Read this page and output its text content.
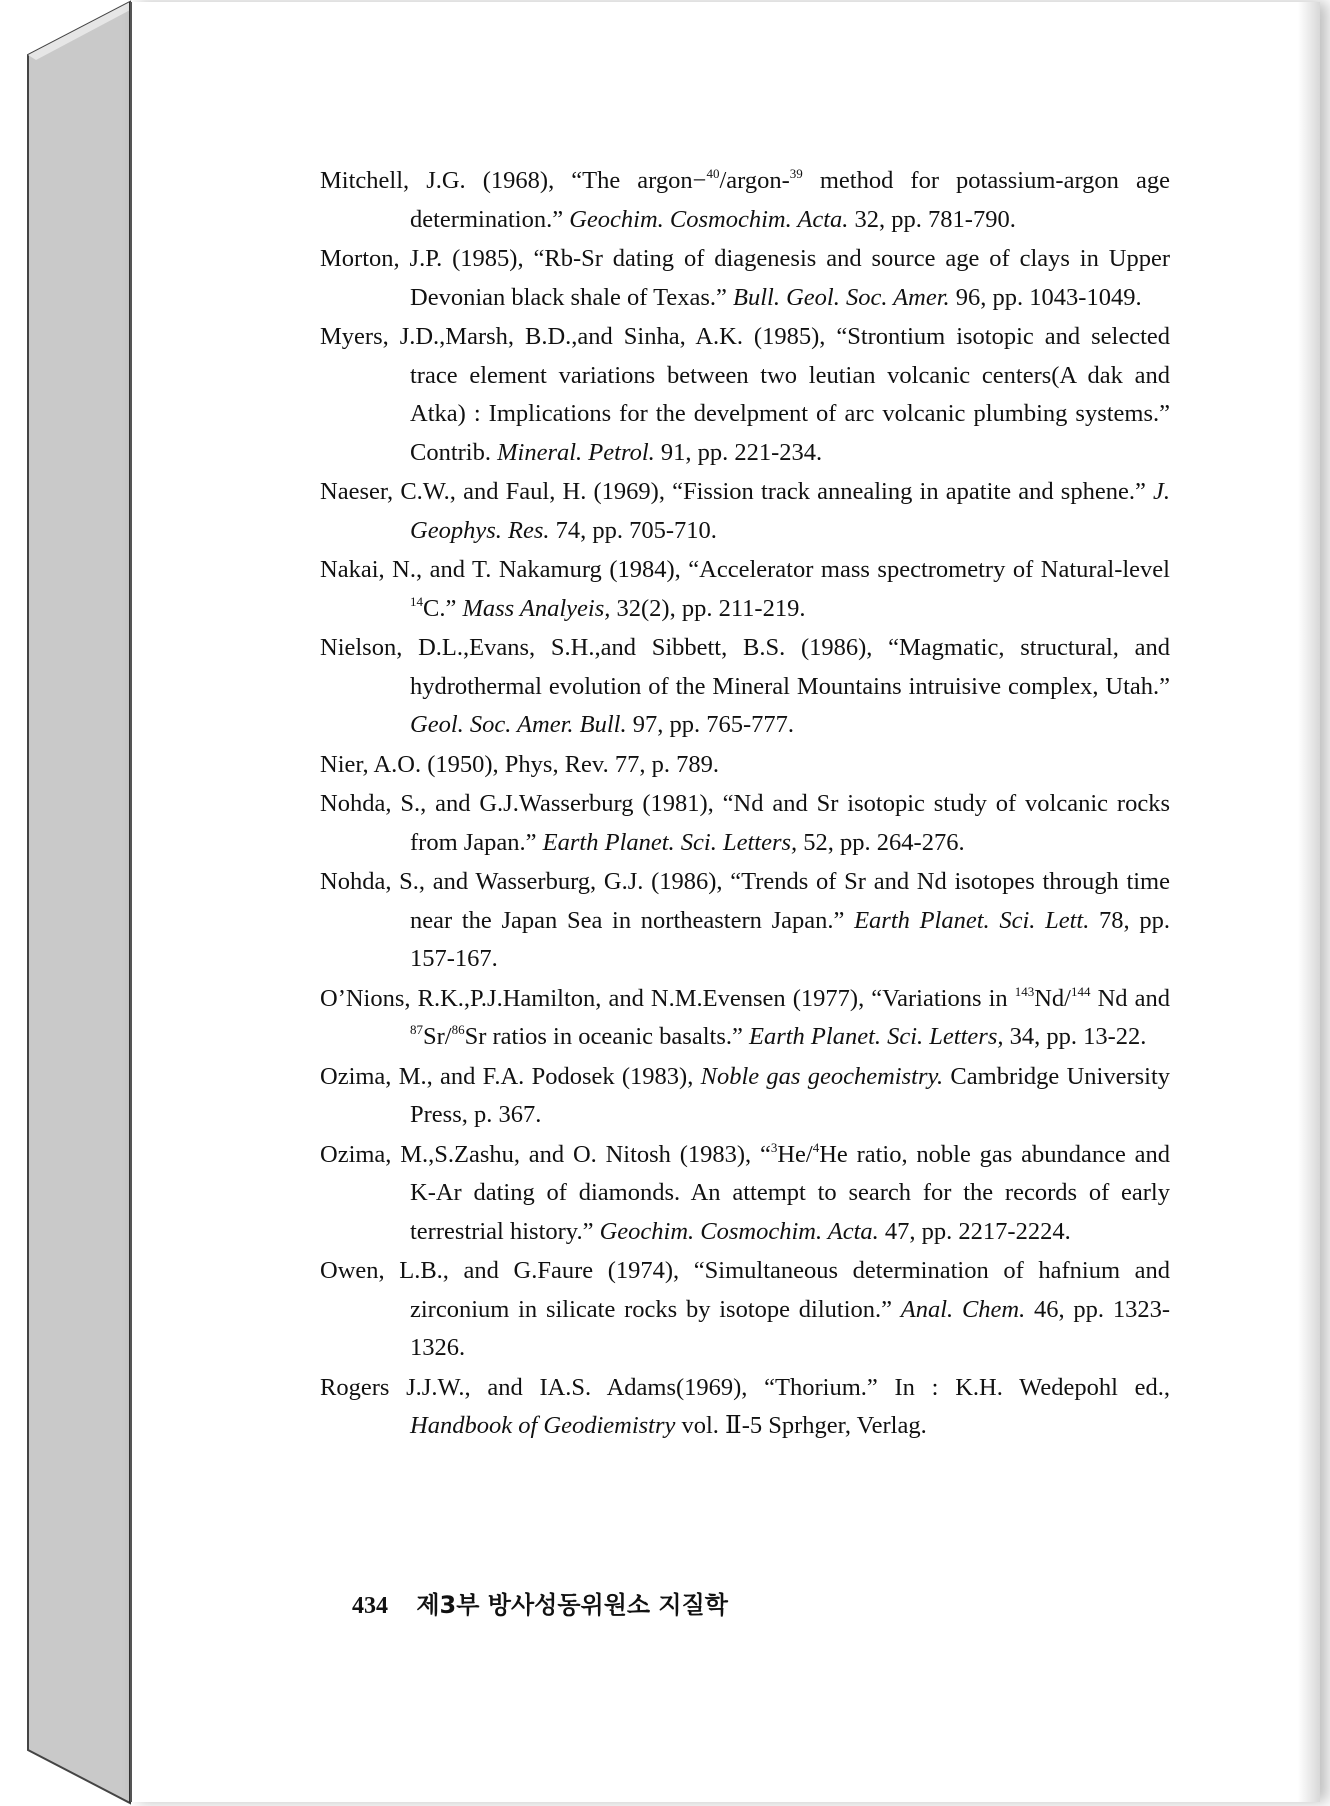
Mitchell, J.G. (1968), “The argon−$^{40}$/argon-$^{39}$ method for potassium-argon age determination.” Geochim. Cosmochim. Acta. 32, pp. 781-790.

Morton, J.P. (1985), “Rb-Sr dating of diagenesis and source age of clays in Upper Devonian black shale of Texas.” Bull. Geol. Soc. Amer. 96, pp. 1043-1049.

Myers, J.D.,Marsh, B.D.,and Sinha, A.K. (1985), “Strontium isotopic and selected trace element variations between two leutian volcanic centers(A dak and Atka) : Implications for the develpment of arc volcanic plumbing systems.” Contrib. Mineral. Petrol. 91, pp. 221-234.

Naeser, C.W., and Faul, H. (1969), “Fission track annealing in apatite and sphene.” J. Geophys. Res. 74, pp. 705-710.

Nakai, N., and T. Nakamurg (1984), “Accelerator mass spectrometry of Natural-level $^{14}$C.” Mass Analyeis, 32(2), pp. 211-219.

Nielson, D.L.,Evans, S.H.,and Sibbett, B.S. (1986), “Magmatic, structural, and hydrothermal evolution of the Mineral Mountains intruisive complex, Utah.” Geol. Soc. Amer. Bull. 97, pp. 765-777.

Nier, A.O. (1950), Phys, Rev. 77, p. 789.

Nohda, S., and G.J.Wasserburg (1981), “Nd and Sr isotopic study of volcanic rocks from Japan.” Earth Planet. Sci. Letters, 52, pp. 264-276.

Nohda, S., and Wasserburg, G.J. (1986), “Trends of Sr and Nd isotopes through time near the Japan Sea in northeastern Japan.” Earth Planet. Sci. Lett. 78, pp. 157-167.

O’Nions, R.K.,P.J.Hamilton, and N.M.Evensen (1977), “Variations in $^{143}$Nd/$^{144}$ Nd and $^{87}$Sr/$^{86}$Sr ratios in oceanic basalts.” Earth Planet. Sci. Letters, 34, pp. 13-22.

Ozima, M., and F.A. Podosek (1983), Noble gas geochemistry. Cambridge University Press, p. 367.

Ozima, M.,S.Zashu, and O. Nitosh (1983), “$^3$He/$^4$He ratio, noble gas abundance and K-Ar dating of diamonds. An attempt to search for the records of early terrestrial history.” Geochim. Cosmochim. Acta. 47, pp. 2217-2224.

Owen, L.B., and G.Faure (1974), “Simultaneous determination of hafnium and zirconium in silicate rocks by isotope dilution.” Anal. Chem. 46, pp. 1323-1326.

Rogers J.J.W., and IA.S. Adams(1969), “Thorium.” In : K.H. Wedepohl ed., Handbook of Geodiemistry vol. Ⅱ-5 Sprhger, Verlag.

434 제3부 방사성동위원소 지질학
